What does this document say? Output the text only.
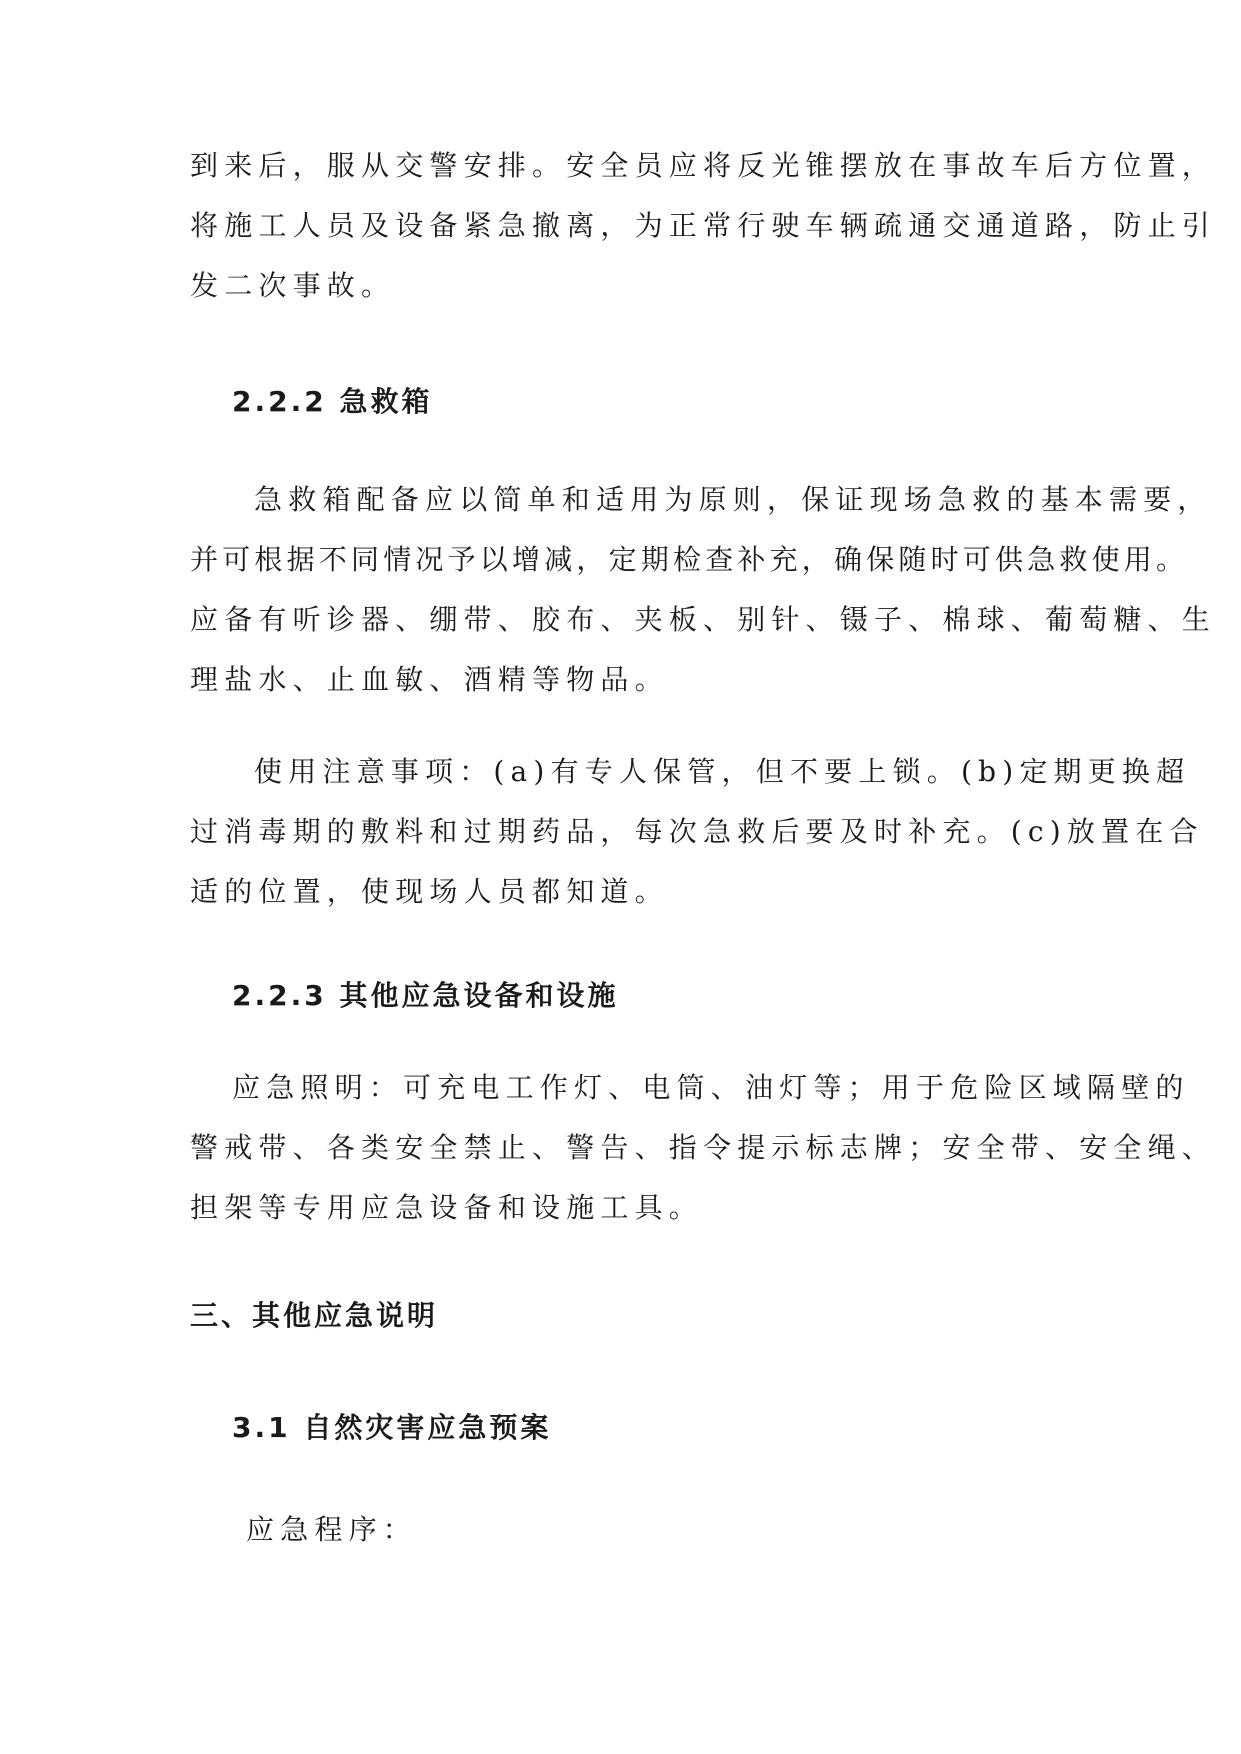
到来后，服从交警安排。安全员应将反光锥摆放在事故车后方位置，
将施工人员及设备紧急撤离，为正常行驶车辆疏通交通道路，防止引
发二次事故。
2.2.2 急救箱
急救箱配备应以简单和适用为原则，保证现场急救的基本需要，
并可根据不同情况予以增减，定期检查补充，确保随时可供急救使用。
应备有听诊器、绷带、胶布、夹板、别针、镊子、棉球、葡萄糖、生
理盐水、止血敏、酒精等物品。
使用注意事项：(a)有专人保管，但不要上锁。(b)定期更换超
过消毒期的敷料和过期药品，每次急救后要及时补充。(c)放置在合
适的位置，使现场人员都知道。
2.2.3 其他应急设备和设施
应急照明：可充电工作灯、电筒、油灯等；用于危险区域隔壁的
警戒带、各类安全禁止、警告、指令提示标志牌；安全带、安全绳、
担架等专用应急设备和设施工具。
三、其他应急说明
3.1 自然灾害应急预案
应急程序：
